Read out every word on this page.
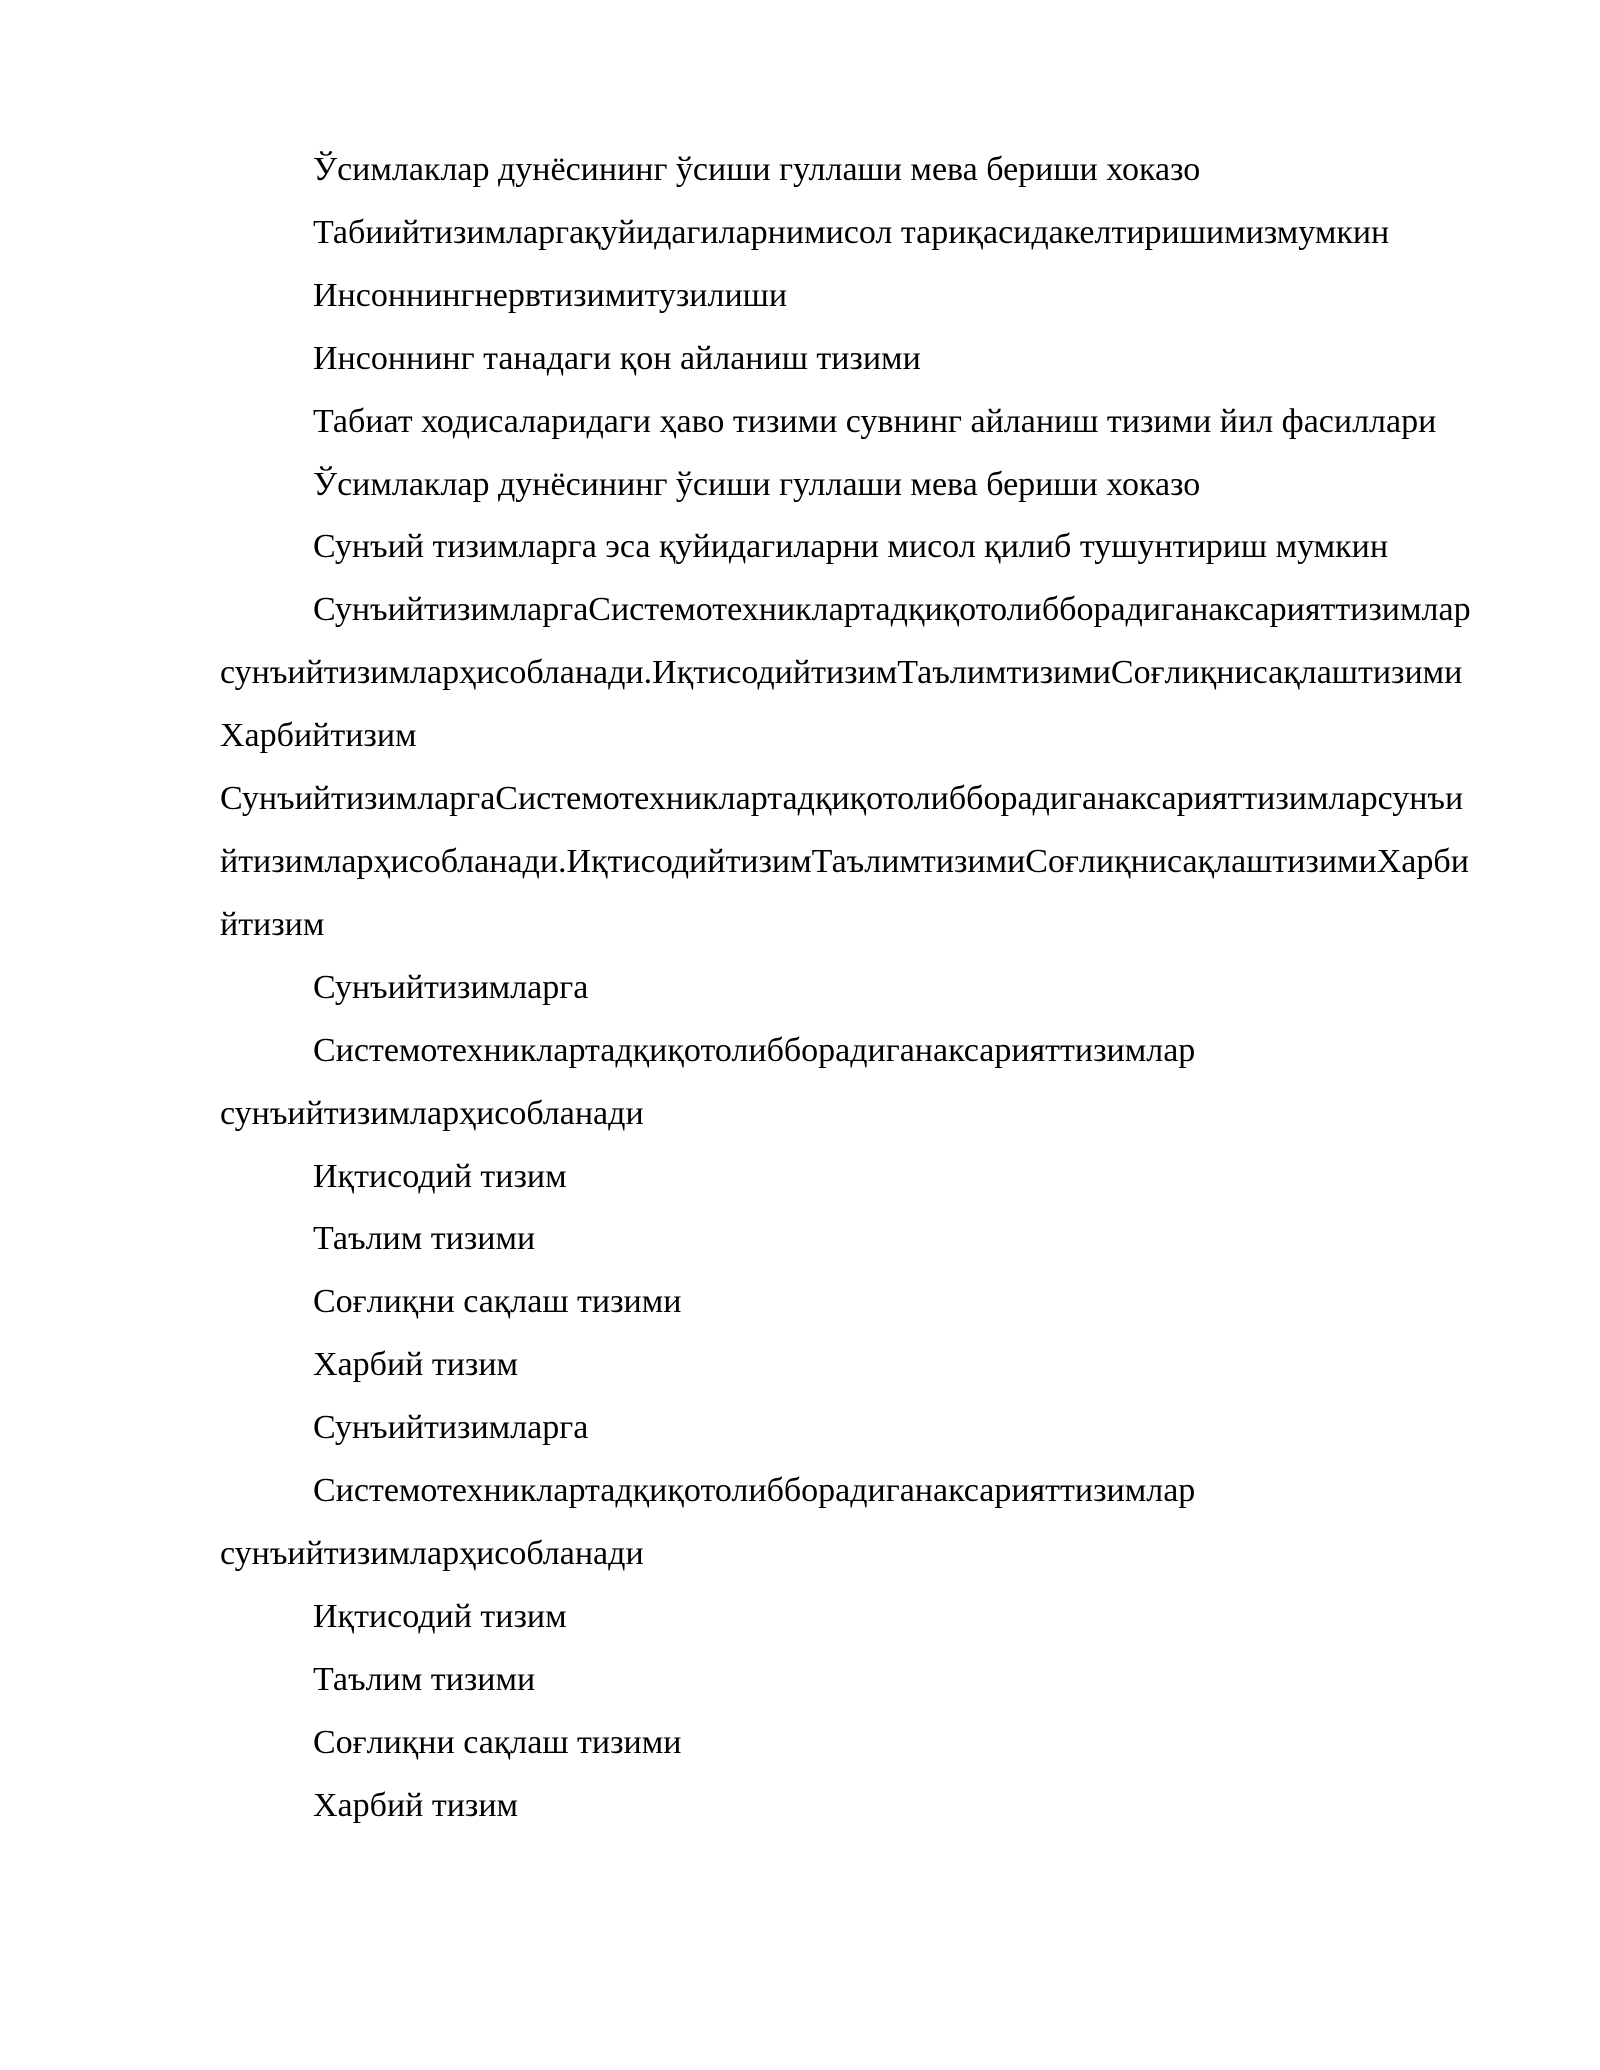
Ўсимлаклар дунёсининг ўсиши гуллаши мева бериши хоказо

Табиийтизимларгақуйидагиларнимисол тариқасидакелтиришимизмумкин

Инсоннингнервтизимитузилиши

Инсоннинг танадаги қон айланиш тизими

Табиат ходисаларидаги ҳаво тизими сувнинг айланиш тизими йил фасиллари

Ўсимлаклар дунёсининг ўсиши гуллаши мева бериши хоказо

Сунъий тизимларга эса қуйидагиларни мисол қилиб тушунтириш мумкин

СунъийтизимларгаСистемотехниклартадқиқотолибборадиганаксарияттизимларсунъийтизимларҳисобланади.ИқтисодийтизимТаълимтизимиСоғлиқнисақлаштизимиХарбийтизим

СунъийтизимларгаСистемотехниклартадқиқотолибборадиганаксарияттизимларсунъийтизимларҳисобланади.ИқтисодийтизимТаълимтизимиСоғлиқнисақлаштизимиХарбийтизим

Сунъийтизимларга

Системотехниклартадқиқотолибборадиганаксарияттизимлар сунъийтизимларҳисобланади

Иқтисодий тизим

Таълим тизими

Соғлиқни сақлаш тизими

Харбий тизим

Сунъийтизимларга

Системотехниклартадқиқотолибборадиганаксарияттизимлар сунъийтизимларҳисобланади

Иқтисодий тизим

Таълим тизими

Соғлиқни сақлаш тизими

Харбий тизим
